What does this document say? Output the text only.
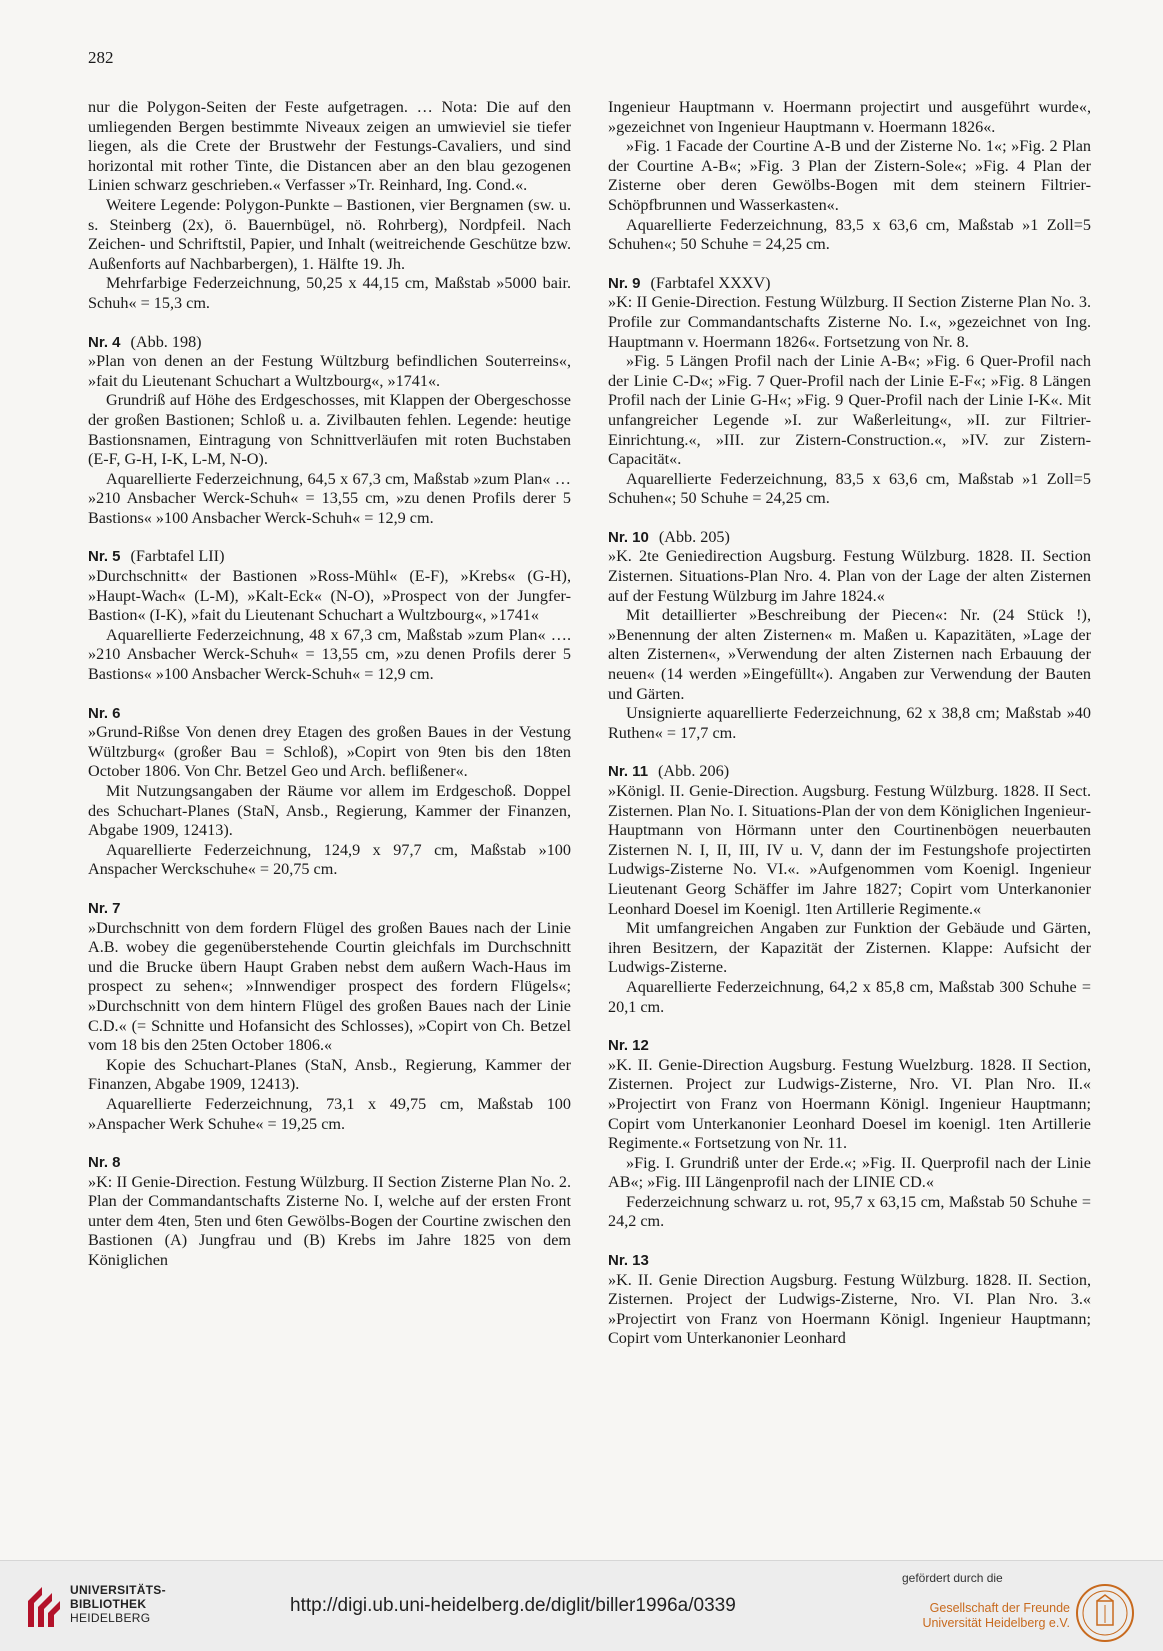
282

nur die Polygon-Seiten der Feste aufgetragen. … Nota: Die auf den umliegenden Bergen bestimmte Niveaux zeigen an umwieviel sie tiefer liegen, als die Crete der Brustwehr der Festungs-Cavaliers, und sind horizontal mit rother Tinte, die Distancen aber an den blau gezogenen Linien schwarz geschrieben.« Verfasser »Tr. Reinhard, Ing. Cond.«.

Weitere Legende: Polygon-Punkte – Bastionen, vier Bergnamen (sw. u. s. Steinberg (2x), ö. Bauernbügel, nö. Rohrberg), Nordpfeil. Nach Zeichen- und Schriftstil, Papier, und Inhalt (weitreichende Geschütze bzw. Außenforts auf Nachbarbergen), 1. Hälfte 19. Jh.

Mehrfarbige Federzeichnung, 50,25 x 44,15 cm, Maßstab »5000 bair. Schuh« = 15,3 cm.

Nr. 4 (Abb. 198)

»Plan von denen an der Festung Wültzburg befindlichen Souterreins«, »fait du Lieutenant Schuchart a Wultzbourg«, »1741«.

Grundriß auf Höhe des Erdgeschosses, mit Klappen der Obergeschosse der großen Bastionen; Schloß u. a. Zivilbauten fehlen. Legende: heutige Bastionsnamen, Eintragung von Schnittverläufen mit roten Buchstaben (E-F, G-H, I-K, L-M, N-O).

Aquarellierte Federzeichnung, 64,5 x 67,3 cm, Maßstab »zum Plan« … »210 Ansbacher Werck-Schuh« = 13,55 cm, »zu denen Profils derer 5 Bastions« »100 Ansbacher Werck-Schuh« = 12,9 cm.

Nr. 5 (Farbtafel LII)

»Durchschnitt« der Bastionen »Ross-Mühl« (E-F), »Krebs« (G-H), »Haupt-Wach« (L-M), »Kalt-Eck« (N-O), »Prospect von der Jungfer-Bastion« (I-K), »fait du Lieutenant Schuchart a Wultzbourg«, »1741«

Aquarellierte Federzeichnung, 48 x 67,3 cm, Maßstab »zum Plan« …. »210 Ansbacher Werck-Schuh« = 13,55 cm, »zu denen Profils derer 5 Bastions« »100 Ansbacher Werck-Schuh« = 12,9 cm.

Nr. 6

»Grund-Rißse Von denen drey Etagen des großen Baues in der Vestung Wültzburg« (großer Bau = Schloß), »Copirt von 9ten bis den 18ten October 1806. Von Chr. Betzel Geo und Arch. beflißener«.

Mit Nutzungsangaben der Räume vor allem im Erdgeschoß. Doppel des Schuchart-Planes (StaN, Ansb., Regierung, Kammer der Finanzen, Abgabe 1909, 12413).

Aquarellierte Federzeichnung, 124,9 x 97,7 cm, Maßstab »100 Anspacher Werckschuhe« = 20,75 cm.

Nr. 7

»Durchschnitt von dem fordern Flügel des großen Baues nach der Linie A.B. wobey die gegenüberstehende Courtin gleichfals im Durchschnitt und die Brucke übern Haupt Graben nebst dem außern Wach-Haus im prospect zu sehen«; »Innwendiger prospect des fordern Flügels«; »Durchschnitt von dem hintern Flügel des großen Baues nach der Linie C.D.« (= Schnitte und Hofansicht des Schlosses), »Copirt von Ch. Betzel vom 18 bis den 25ten October 1806.«

Kopie des Schuchart-Planes (StaN, Ansb., Regierung, Kammer der Finanzen, Abgabe 1909, 12413).

Aquarellierte Federzeichnung, 73,1 x 49,75 cm, Maßstab 100 »Anspacher Werk Schuhe« = 19,25 cm.

Nr. 8

»K: II Genie-Direction. Festung Wülzburg. II Section Zisterne Plan No. 2. Plan der Commandantschafts Zisterne No. I, welche auf der ersten Front unter dem 4ten, 5ten und 6ten Gewölbs-Bogen der Courtine zwischen den Bastionen (A) Jungfrau und (B) Krebs im Jahre 1825 von dem Königlichen

Ingenieur Hauptmann v. Hoermann projectirt und ausgeführt wurde«, »gezeichnet von Ingenieur Hauptmann v. Hoermann 1826«.

»Fig. 1 Facade der Courtine A-B und der Zisterne No. 1«; »Fig. 2 Plan der Courtine A-B«; »Fig. 3 Plan der Zistern-Sole«; »Fig. 4 Plan der Zisterne ober deren Gewölbs-Bogen mit dem steinern Filtrier-Schöpfbrunnen und Wasserkasten«.

Aquarellierte Federzeichnung, 83,5 x 63,6 cm, Maßstab »1 Zoll=5 Schuhen«; 50 Schuhe = 24,25 cm.

Nr. 9 (Farbtafel XXXV)

»K: II Genie-Direction. Festung Wülzburg. II Section Zisterne Plan No. 3. Profile zur Commandantschafts Zisterne No. I.«, »gezeichnet von Ing. Hauptmann v. Hoermann 1826«. Fortsetzung von Nr. 8.

»Fig. 5 Längen Profil nach der Linie A-B«; »Fig. 6 Quer-Profil nach der Linie C-D«; »Fig. 7 Quer-Profil nach der Linie E-F«; »Fig. 8 Längen Profil nach der Linie G-H«; »Fig. 9 Quer-Profil nach der Linie I-K«. Mit unfangreicher Legende »I. zur Waßerleitung«, »II. zur Filtrier-Einrichtung.«, »III. zur Zistern-Construction.«, »IV. zur Zistern-Capacität«.

Aquarellierte Federzeichnung, 83,5 x 63,6 cm, Maßstab »1 Zoll=5 Schuhen«; 50 Schuhe = 24,25 cm.

Nr. 10 (Abb. 205)

»K. 2te Geniedirection Augsburg. Festung Wülzburg. 1828. II. Section Zisternen. Situations-Plan Nro. 4. Plan von der Lage der alten Zisternen auf der Festung Wülzburg im Jahre 1824.«

Mit detaillierter »Beschreibung der Piecen«: Nr. (24 Stück !), »Benennung der alten Zisternen« m. Maßen u. Kapazitäten, »Lage der alten Zisternen«, »Verwendung der alten Zisternen nach Erbauung der neuen« (14 werden »Eingefüllt«). Angaben zur Verwendung der Bauten und Gärten.

Unsignierte aquarellierte Federzeichnung, 62 x 38,8 cm; Maßstab »40 Ruthen« = 17,7 cm.

Nr. 11 (Abb. 206)

»Königl. II. Genie-Direction. Augsburg. Festung Wülzburg. 1828. II Sect. Zisternen. Plan No. I. Situations-Plan der von dem Königlichen Ingenieur-Hauptmann von Hörmann unter den Courtinenbögen neuerbauten Zisternen N. I, II, III, IV u. V, dann der im Festungshofe projectirten Ludwigs-Zisterne No. VI.«. »Aufgenommen vom Koenigl. Ingenieur Lieutenant Georg Schäffer im Jahre 1827; Copirt vom Unterkanonier Leonhard Doesel im Koenigl. 1ten Artillerie Regimente.«

Mit umfangreichen Angaben zur Funktion der Gebäude und Gärten, ihren Besitzern, der Kapazität der Zisternen. Klappe: Aufsicht der Ludwigs-Zisterne.

Aquarellierte Federzeichnung, 64,2 x 85,8 cm, Maßstab 300 Schuhe = 20,1 cm.

Nr. 12

»K. II. Genie-Direction Augsburg. Festung Wuelzburg. 1828. II Section, Zisternen. Project zur Ludwigs-Zisterne, Nro. VI. Plan Nro. II.« »Projectirt von Franz von Hoermann Königl. Ingenieur Hauptmann; Copirt vom Unterkanonier Leonhard Doesel im koenigl. 1ten Artillerie Regimente.« Fortsetzung von Nr. 11.

»Fig. I. Grundriß unter der Erde.«; »Fig. II. Querprofil nach der Linie AB«; »Fig. III Längenprofil nach der LINIE CD.«

Federzeichnung schwarz u. rot, 95,7 x 63,15 cm, Maßstab 50 Schuhe = 24,2 cm.

Nr. 13

»K. II. Genie Direction Augsburg. Festung Wülzburg. 1828. II. Section, Zisternen. Project der Ludwigs-Zisterne, Nro. VI. Plan Nro. 3.« »Projectirt von Franz von Hoermann Königl. Ingenieur Hauptmann; Copirt vom Unterkanonier Leonhard

UNIVERSITÄTS-
BIBLIOTHEK
HEIDELBERG
http://digi.ub.uni-heidelberg.de/diglit/biller1996a/0339
gefördert durch die
Gesellschaft der Freunde
Universität Heidelberg e.V.
